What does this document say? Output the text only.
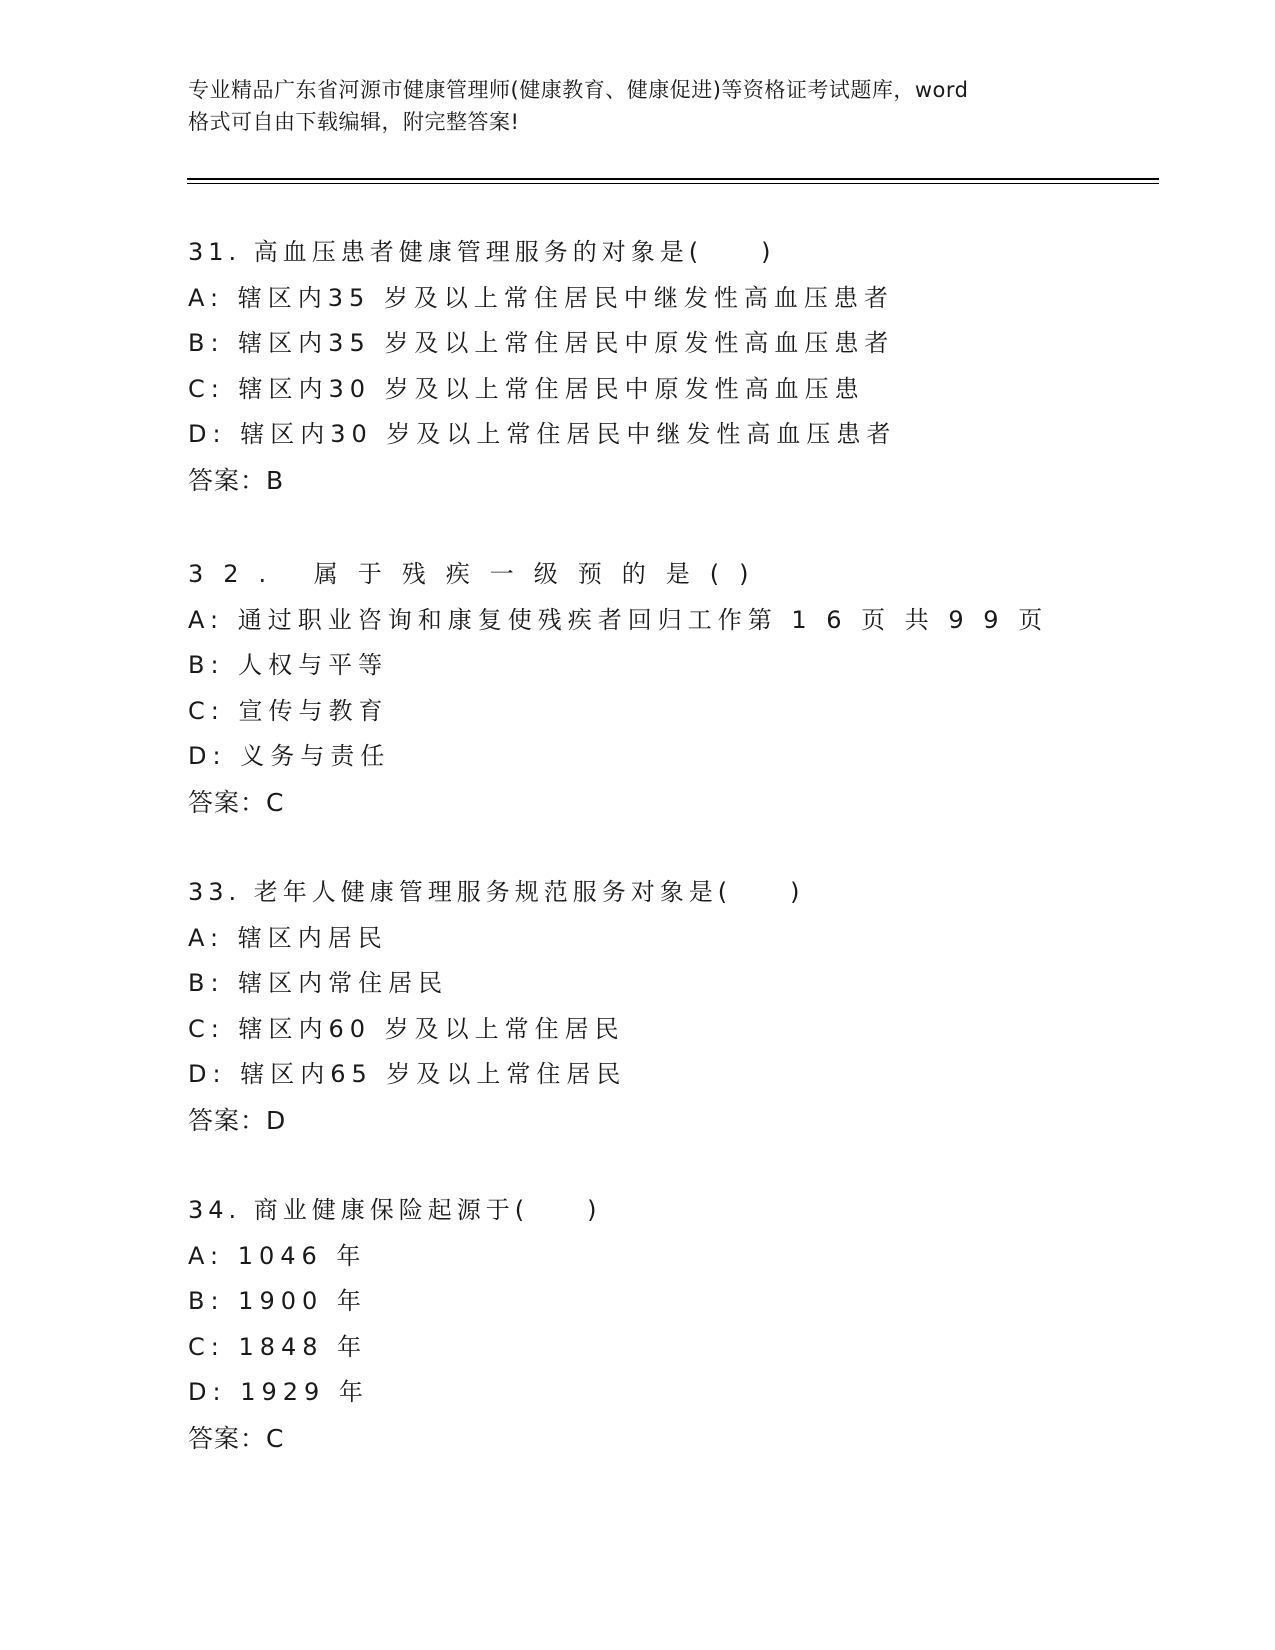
专业精品广东省河源市健康管理师(健康教育、健康促进)等资格证考试题库，word
格式可自由下载编辑，附完整答案!
31. 高血压患者健康管理服务的对象是(　　)
A: 辖区内35 岁及以上常住居民中继发性高血压患者
B: 辖区内35 岁及以上常住居民中原发性高血压患者
C: 辖区内30 岁及以上常住居民中原发性高血压患
D: 辖区内30 岁及以上常住居民中继发性高血压患者
答案：B
32. 属于残疾一级预的是()
A: 通过职业咨询和康复使残疾者回归工作第 1 6 页 共 9 9 页
B: 人权与平等
C: 宣传与教育
D: 义务与责任
答案：C
33. 老年人健康管理服务规范服务对象是(　　)
A: 辖区内居民
B: 辖区内常住居民
C: 辖区内60 岁及以上常住居民
D: 辖区内65 岁及以上常住居民
答案：D
34. 商业健康保险起源于(　　)
A: 1046 年
B: 1900 年
C: 1848 年
D: 1929 年
答案：C
